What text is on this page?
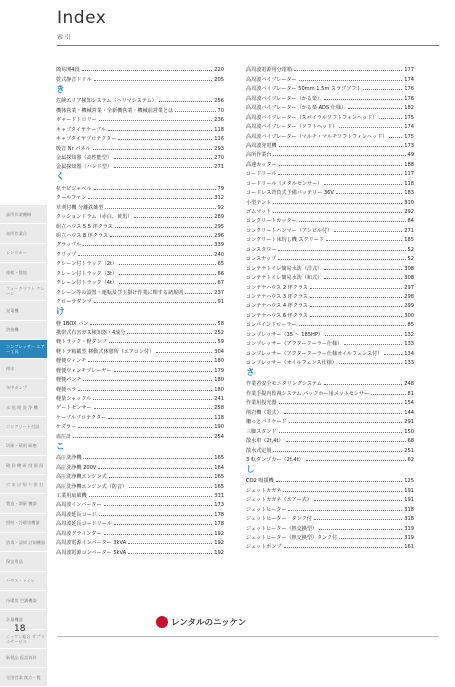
Index
索 引
高所作業機械
高所作業台
レンタカー
運搬・整地
フォークリフト クレーン
発電機
溶接機
コンプレッサー エアー工具
揚水
水中ポンプ
水 処 理 洗 浄 機
コンクリート打設
切断・研削 研磨
破 砕 機 斫 削 掘 削
穴 あ け 削 り 抜 打
製造・測量 機器
照明・冷暖房機器
消毒・清掃 計測機器
保安用品
ハウス・トイレ
冷暖房 空調機器
計量機器
ニッケン総合 サプライサービス
新製品 仮設資材
全国営業 拠点一覧
簡易開4段	220
乾式静音ドリル	205
き
危険エリア検知システム（ヘリマシステム）	256
機体営業・機械営業・全新機営業・機械前営業とは	70
ギャードトロリー	236
キャブタイヤケーブル	118
キャブタイヤプロテクター	116
吸音 Nr パネル	293
金属探知器（高性能型）	270
金属探知器（ハンド型）	271
く
杭ナビジャベル	79
クールファン	312
草刈付機 分離鉄雑型	92
クッションドラム（赤白、黄黒）	289
組立ハウス 5.5 坪クラス	295
組立ハウス 8 坪クラス	296
グラップル	339
クリップ	240
クレーン付トラック（2t）	65
クレーン付トラック（3t）	66
クレーン付トラック（4t）	67
クレーン等の設置・運転及び玉掛け作業に関する諸規則	237
クローラダンプ	91
け
軽 1BOX バン	58
携帯式有害ガス検知器・4成分	252
軽トラック・軽ダンプ	59
軽トラ箱載型 移動式休憩所（エアコン付）	304
軽便ウィンチ	180
軽便ウィンチプレーヤー	179
軽便パンチ	180
軽便ヘラ	180
軽量シャックル	241
ゲートセンサー	258
ケーブルプロテクター	118
ケズラー	190
血圧計	254
こ
高圧洗浄機	165
高圧洗浄機 200V	164
高圧洗浄機エンジン式	165
高圧洗浄機エンジン式（防音）	165
工業用扇風機	311
高周波インバーター	173
高周波延長コード	178
高周波延長コードリール	178
高周波グラインダー	192
高周波電源インバーター 3kVA	192
高周波電源コンバーター 5kVA	192
高周波電源用分電箱	177
高周波バイブレーター	174
高周波バイブレーター 50mm 1.5m スラブソフト	176
高周波バイブレーター（かる楽）	176
高周波バイブレーター（かる楽 ADS 仕様）	182
高周波バイブレーター（スパイラルソフトフィンヘッド）	175
高周波バイブレーター（ソフトヘッド）	174
高周波バイブレーター（マルチ・マルチソフトフィンヘッド）	175
高周波発電機	173
高所作業台	49
高速カッター	188
コードリール	117
コードリール（メタルセンサー）	118
コードレス背負式予備バッテリー 36V	183
小型テント	310
ゴムマット	292
コンクリートカッター	84
コンクリートハンマー（アンビル付）	271
コンクリート床均し機 スクリード	185
コンスタワー	52
コンスナップ	52
コンテナトイレ簡易水洗（洋式）	308
コンテナトイレ簡易水洗（和式）	308
コンテナハウス 2 坪クラス	297
コンテナハウス 3 坪クラス	298
コンテナハウス 4 坪クラス	299
コンテナハウス 6 坪クラス	300
コンバインドローラー	85
コンプレッサー（15 ～ 185HP）	132
コンプレッサー（アフタークーラー仕様）	133
コンプレッサー（アフタークーラー仕様オイルフェンス付）	134
コンプレッサー（オイルフェンス仕様）	133
さ
作業者安全モニタリングシステム	248
作業手提内監視システム パックホー用メットセンサー	81
作業用投光器	154
削岩機（電式）	144
柵っとバリケード	291
三脚スタンド	150
散水車（2t,4t）	68
散水式定規	251
3 転ダンプカー（2t,4t）	62
し
CO2 吸援機	125
ジェットカガネ	191
ジェットカガネ（エアー式）	191
ジェットヒーター	318
ジェットヒーター　タンク付	318
ジェットヒーター（熱交換型）	319
ジェットヒーター（熱交換型）タンク付	319
ジェットポンプ	161
18
レンタルのニッケン
